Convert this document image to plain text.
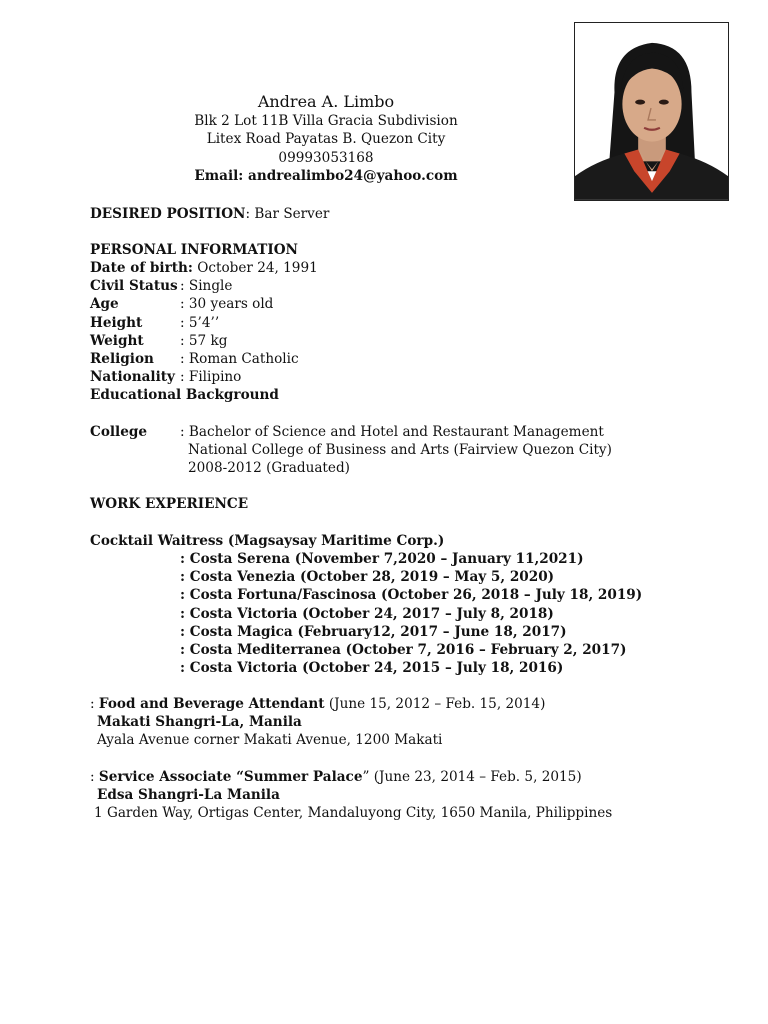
Andrea A. Limbo
Blk 2 Lot 11B Villa Gracia Subdivision
Litex Road Payatas B. Quezon City
09993053168
Email: andrealimbo24@yahoo.com
DESIRED POSITION: Bar Server
PERSONAL INFORMATION
Date of birth: October 24, 1991
Civil Status : Single
Age	: 30 years old
Height	: 5’4’’
Weight	: 57 kg
Religion : Roman Catholic
Nationality : Filipino
Educational Background
College : Bachelor of Science and Hotel and Restaurant Management
National College of Business and Arts (Fairview Quezon City)
2008-2012 (Graduated)
WORK EXPERIENCE
Cocktail Waitress (Magsaysay Maritime Corp.)
: Costa Serena (November 7,2020 – January 11,2021)
: Costa Venezia (October 28, 2019 – May 5, 2020)
: Costa Fortuna/Fascinosa (October 26, 2018 – July 18, 2019)
: Costa Victoria (October 24, 2017 – July 8, 2018)
: Costa Magica (February12, 2017 – June 18, 2017)
: Costa Mediterranea (October 7, 2016 – February 2, 2017)
: Costa Victoria (October 24, 2015 – July 18, 2016)
: Food and Beverage Attendant (June 15, 2012 – Feb. 15, 2014)
Makati Shangri-La, Manila
Ayala Avenue corner Makati Avenue, 1200 Makati
: Service Associate “Summer Palace” (June 23, 2014 – Feb. 5, 2015)
Edsa Shangri-La Manila
1 Garden Way, Ortigas Center, Mandaluyong City, 1650 Manila, Philippines
